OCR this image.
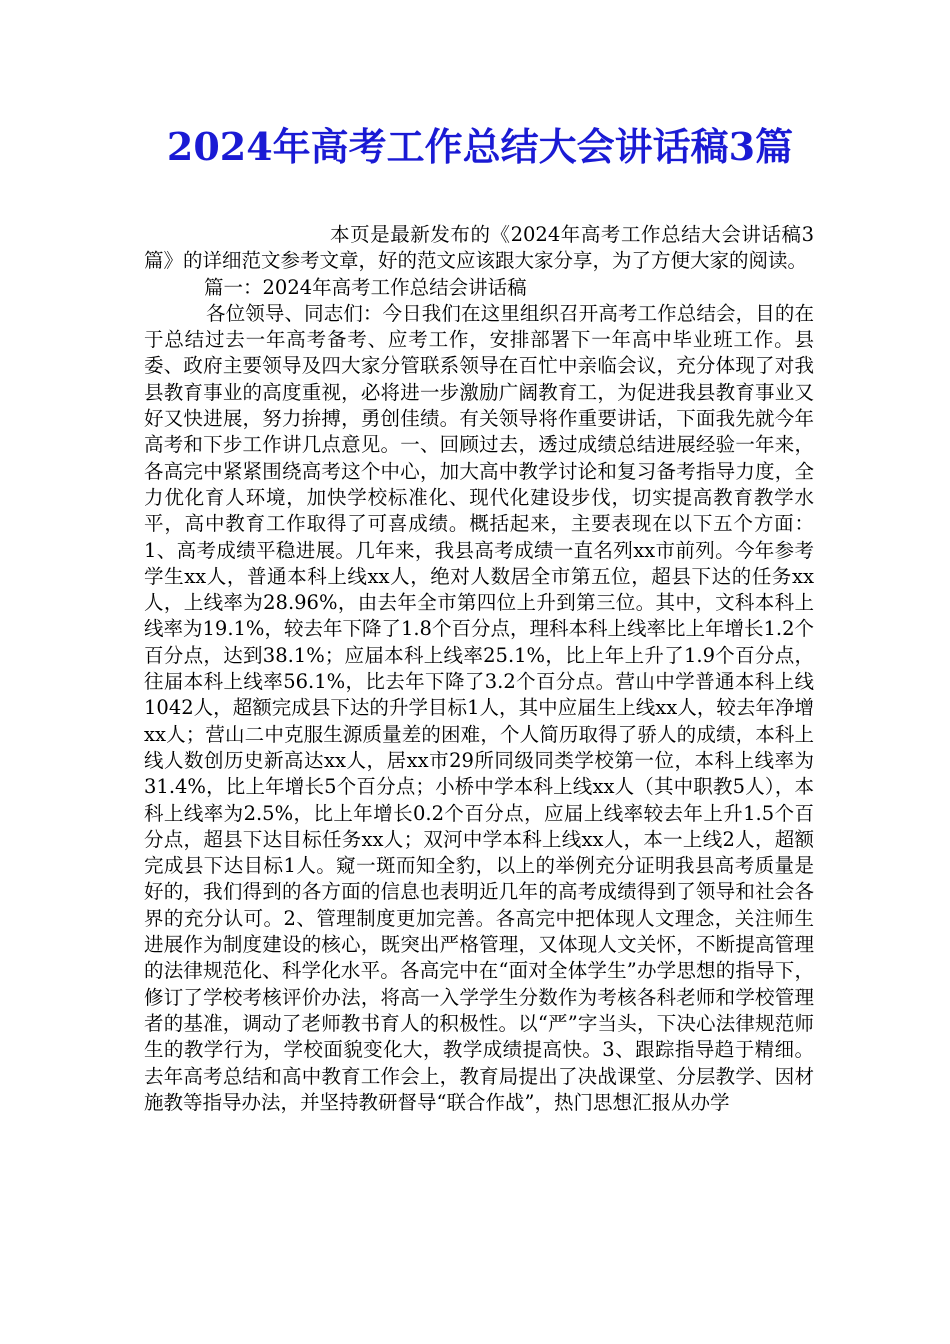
2024年高考工作总结大会讲话稿3篇

本页是最新发布的《2024年高考工作总结大会讲话稿3篇》的详细范文参考文章，好的范文应该跟大家分享，为了方便大家的阅读。

篇一：2024年高考工作总结会讲话稿

各位领导、同志们：今日我们在这里组织召开高考工作总结会，目的在于总结过去一年高考备考、应考工作，安排部署下一年高中毕业班工作。县委、政府主要领导及四大家分管联系领导在百忙中亲临会议，充分体现了对我县教育事业的高度重视，必将进一步激励广阔教育工，为促进我县教育事业又好又快进展，努力拚搏，勇创佳绩。有关领导将作重要讲话，下面我先就今年高考和下步工作讲几点意见。一、回顾过去，透过成绩总结进展经验一年来，各高完中紧紧围绕高考这个中心，加大高中教学讨论和复习备考指导力度，全力优化育人环境，加快学校标准化、现代化建设步伐，切实提高教育教学水平，高中教育工作取得了可喜成绩。概括起来，主要表现在以下五个方面：1、高考成绩平稳进展。几年来，我县高考成绩一直名列xx市前列。今年参考学生xx人，普通本科上线xx人，绝对人数居全市第五位，超县下达的任务xx人，上线率为28.96%，由去年全市第四位上升到第三位。其中，文科本科上线率为19.1%，较去年下降了1.8个百分点，理科本科上线率比上年增长1.2个百分点，达到38.1%；应届本科上线率25.1%，比上年上升了1.9个百分点，往届本科上线率56.1%，比去年下降了3.2个百分点。营山中学普通本科上线1042人，超额完成县下达的升学目标1人，其中应届生上线xx人，较去年净增xx人；营山二中克服生源质量差的困难，个人简历取得了骄人的成绩，本科上线人数创历史新高达xx人，居xx市29所同级同类学校第一位，本科上线率为31.4%，比上年增长5个百分点；小桥中学本科上线xx人（其中职教5人），本科上线率为2.5%，比上年增长0.2个百分点，应届上线率较去年上升1.5个百分点，超县下达目标任务xx人；双河中学本科上线xx人，本一上线2人，超额完成县下达目标1人。窥一斑而知全豹，以上的举例充分证明我县高考质量是好的，我们得到的各方面的信息也表明近几年的高考成绩得到了领导和社会各界的充分认可。2、管理制度更加完善。各高完中把体现人文理念，关注师生进展作为制度建设的核心，既突出严格管理，又体现人文关怀，不断提高管理的法律规范化、科学化水平。各高完中在“面对全体学生”办学思想的指导下，修订了学校考核评价办法，将高一入学学生分数作为考核各科老师和学校管理者的基准，调动了老师教书育人的积极性。以“严”字当头，下决心法律规范师生的教学行为，学校面貌变化大，教学成绩提高快。3、跟踪指导趋于精细。去年高考总结和高中教育工作会上，教育局提出了决战课堂、分层教学、因材施教等指导办法，并坚持教研督导“联合作战”，热门思想汇报从办学
